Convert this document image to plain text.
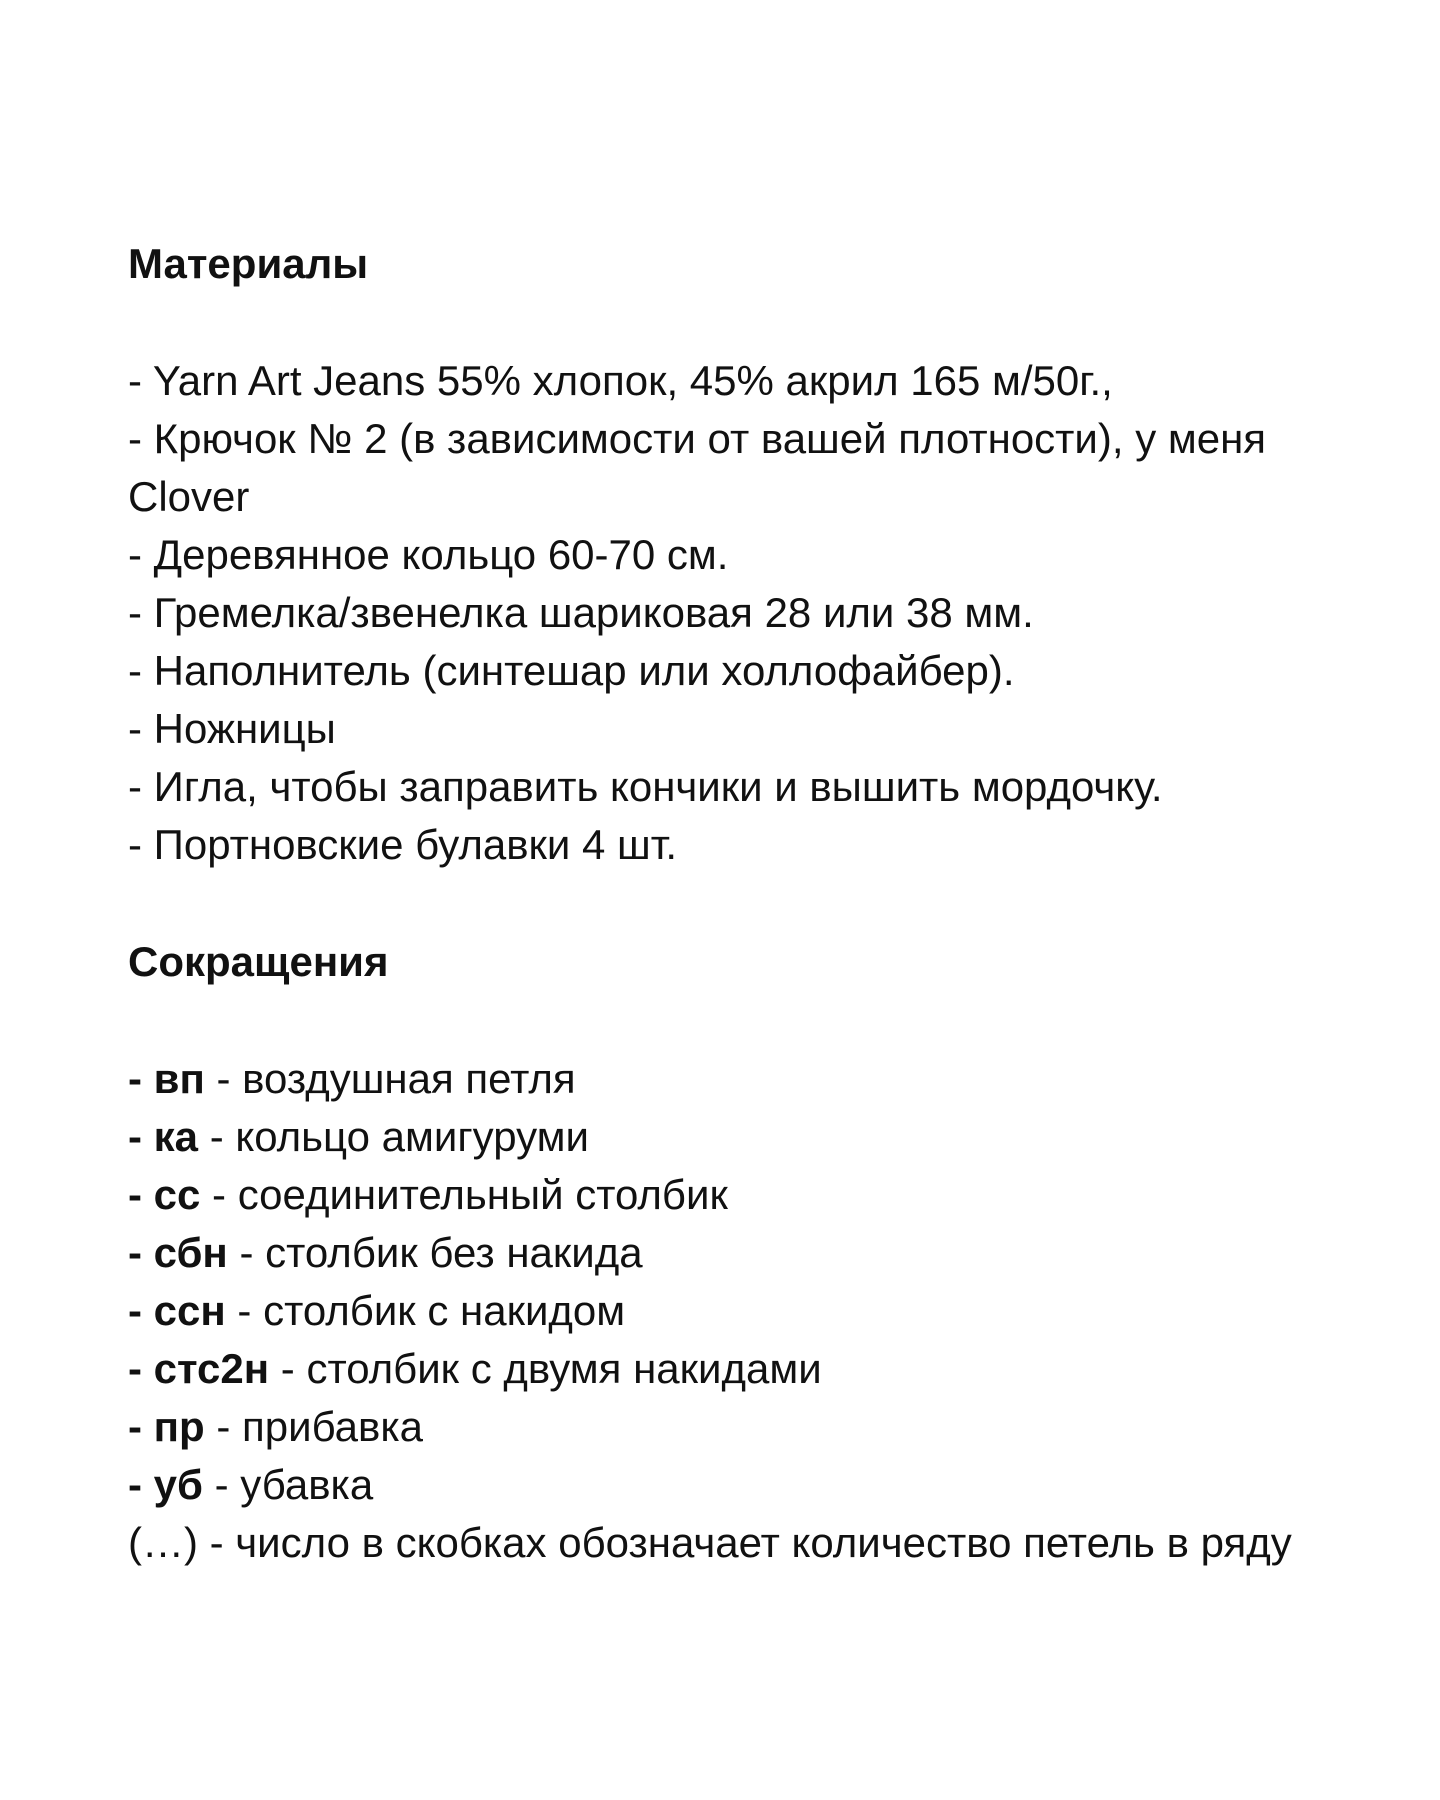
Материалы
- Yarn Art Jeans 55% хлопок, 45% акрил 165 м/50г.,
- Крючок № 2 (в зависимости от вашей плотности), у меня Clover
- Деревянное кольцо 60-70 см.
- Гремелка/звенелка шариковая 28 или 38 мм.
- Наполнитель (синтешар или холлофайбер).
- Ножницы
- Игла, чтобы заправить кончики и вышить мордочку.
- Портновские булавки 4 шт.
Сокращения
- вп - воздушная петля
- ка - кольцо амигуруми
- сс - соединительный столбик
- сбн - столбик без накида
- ссн - столбик с накидом
- стс2н - столбик с двумя накидами
- пр - прибавка
- уб - убавка
(…) - число в скобках обозначает количество петель в ряду
